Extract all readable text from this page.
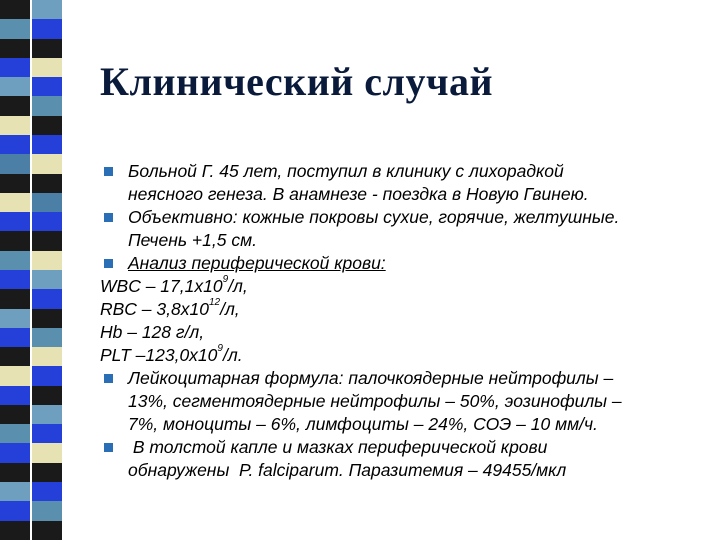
Клинический случай
Больной Г. 45 лет, поступил в клинику с лихорадкой
неясного генеза. В анамнезе - поездка в Новую Гвинею.
Объективно: кожные покровы сухие, горячие, желтушные.
Печень +1,5 см.
Анализ периферической крови:
WBC – $17,1x10^9/л$,
RBC – $3,8x10^{12}/л$,
Hb – 128 г/л,
PLT $-123,0x10^9/л$.
Лейкоцитарная формула: палочкоядерные нейтрофилы –
13%, сегментоядерные нейтрофилы – 50%, эозинофилы –
7%, моноциты – 6%, лимфоциты – 24%, СОЭ – 10 мм/ч.
В толстой капле и мазках периферической крови
обнаружены  P. falciparum. Паразитемия – 49455/мкл
